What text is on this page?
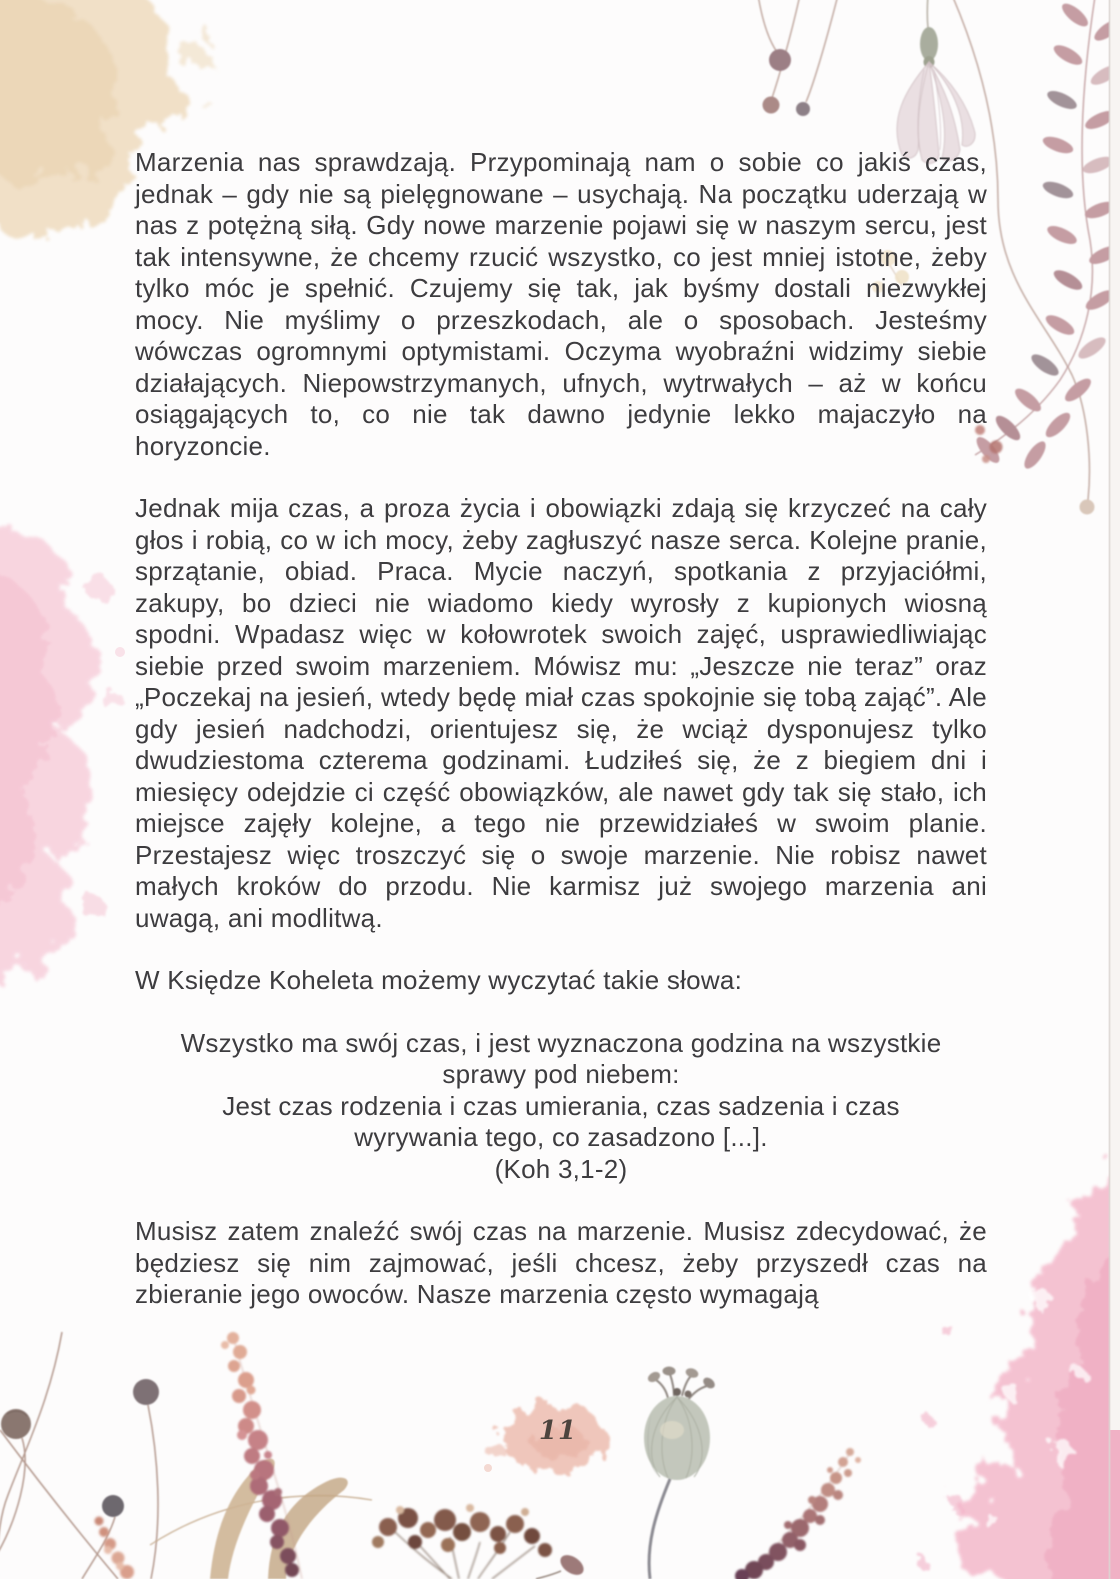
Marzenia nas sprawdzają. Przypominają nam o sobie co jakiś czas, jednak – gdy nie są pielęgnowane – usychają. Na początku uderzają w nas z potężną siłą. Gdy nowe marzenie pojawi się w naszym sercu, jest tak intensywne, że chcemy rzucić wszystko, co jest mniej istotne, żeby tylko móc je spełnić. Czujemy się tak, jak byśmy dostali niezwykłej mocy. Nie myślimy o przeszkodach, ale o sposobach. Jesteśmy wówczas ogromnymi optymistami. Oczyma wyobraźni widzimy siebie działających. Niepowstrzymanych, ufnych, wytrwałych – aż w końcu osiągających to, co nie tak dawno jedynie lekko majaczyło na horyzoncie.

Jednak mija czas, a proza życia i obowiązki zdają się krzyczeć na cały głos i robią, co w ich mocy, żeby zagłuszyć nasze serca. Kolejne pranie, sprzątanie, obiad. Praca. Mycie naczyń, spotkania z przyjaciółmi, zakupy, bo dzieci nie wiadomo kiedy wyrosły z kupionych wiosną spodni. Wpadasz więc w kołowrotek swoich zajęć, usprawiedliwiając siebie przed swoim marzeniem. Mówisz mu: „Jeszcze nie teraz” oraz „Poczekaj na jesień, wtedy będę miał czas spokojnie się tobą zająć”. Ale gdy jesień nadchodzi, orientujesz się, że wciąż dysponujesz tylko dwudziestoma czterema godzinami. Łudziłeś się, że z biegiem dni i miesięcy odejdzie ci część obowiązków, ale nawet gdy tak się stało, ich miejsce zajęły kolejne, a tego nie przewidziałeś w swoim planie. Przestajesz więc troszczyć się o swoje marzenie. Nie robisz nawet małych kroków do przodu. Nie karmisz już swojego marzenia ani uwagą, ani modlitwą.

W Księdze Koheleta możemy wyczytać takie słowa:

Wszystko ma swój czas, i jest wyznaczona godzina na wszystkie sprawy pod niebem:

Jest czas rodzenia i czas umierania, czas sadzenia i czas wyrywania tego, co zasadzono [...].

(Koh 3,1-2)

Musisz zatem znaleźć swój czas na marzenie. Musisz zdecydować, że będziesz się nim zajmować, jeśli chcesz, żeby przyszedł czas na zbieranie jego owoców. Nasze marzenia często wymagają

11
